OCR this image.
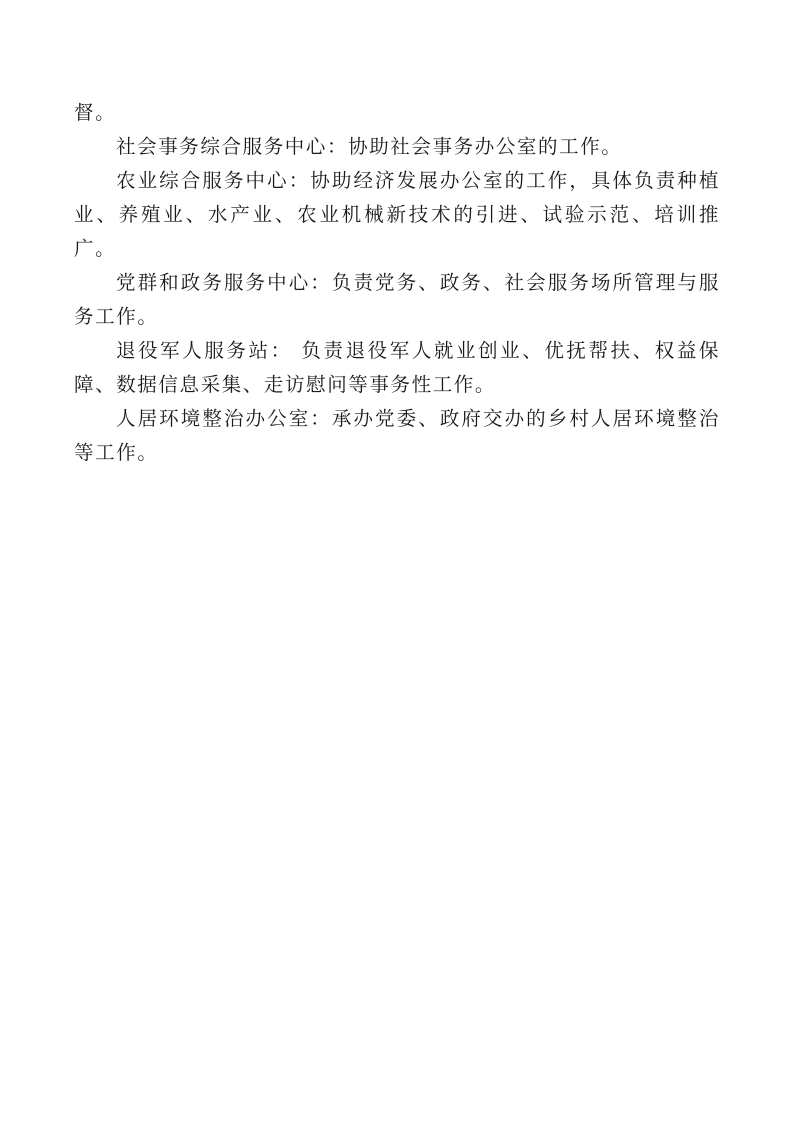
督。

社会事务综合服务中心：协助社会事务办公室的工作。

农业综合服务中心：协助经济发展办公室的工作，具体负责种植业、养殖业、水产业、农业机械新技术的引进、试验示范、培训推广。

党群和政务服务中心：负责党务、政务、社会服务场所管理与服务工作。

退役军人服务站： 负责退役军人就业创业、优抚帮扶、权益保障、数据信息采集、走访慰问等事务性工作。

人居环境整治办公室：承办党委、政府交办的乡村人居环境整治等工作。
